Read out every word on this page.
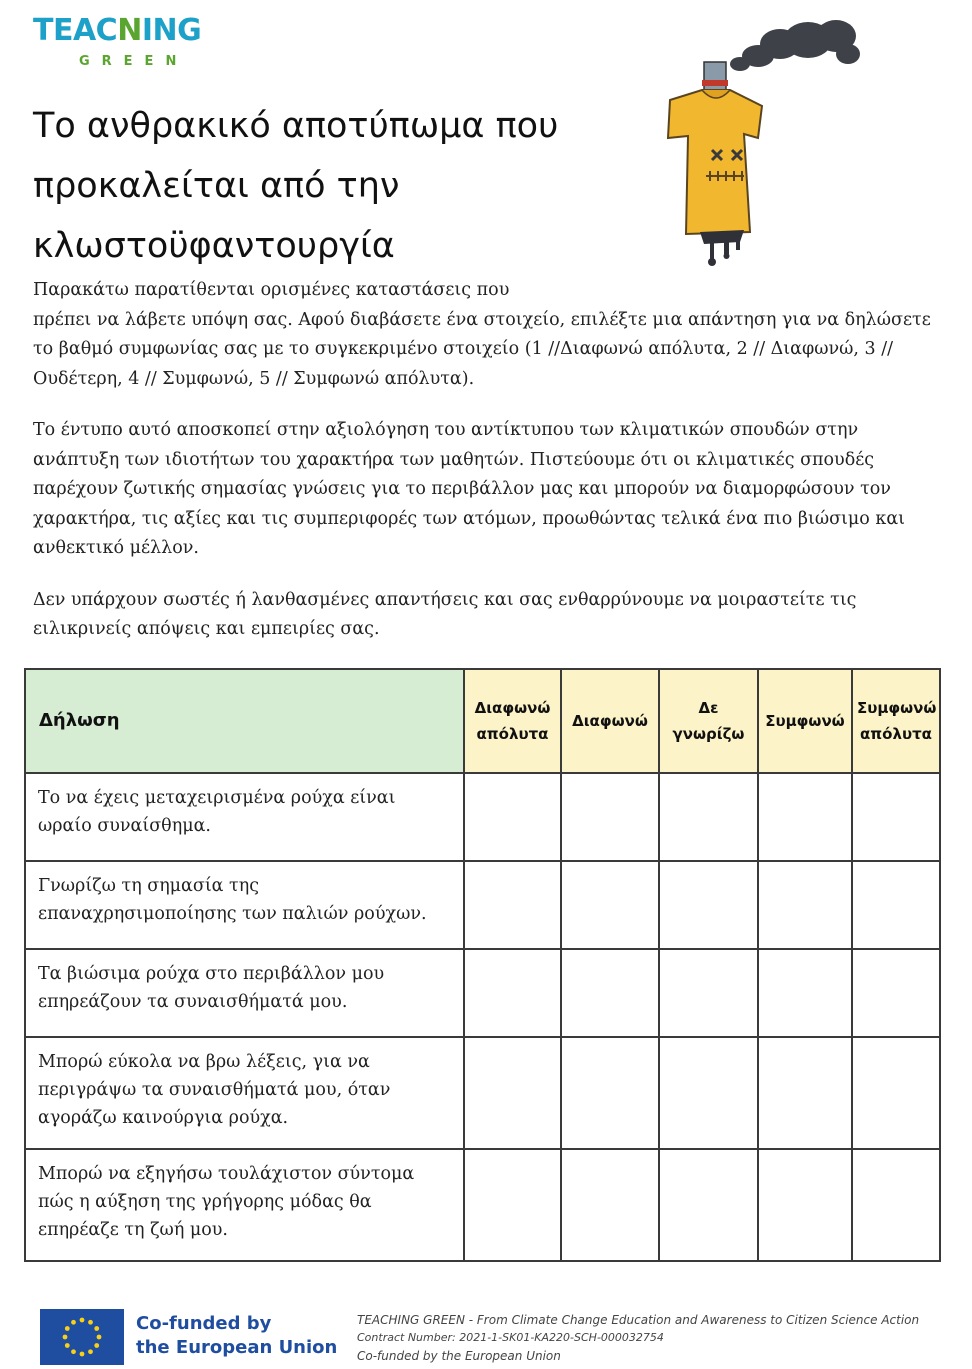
TEACNING
GREEN
Το ανθρακικό αποτύπωμα που προκαλείται από την κλωστοϋφαντουργία

Παρακάτω παρατίθενται ορισμένες καταστάσεις που
πρέπει να λάβετε υπόψη σας. Αφού διαβάσετε ένα στοιχείο, επιλέξτε μια απάντηση για να δηλώσετε το βαθμό συμφωνίας σας με το συγκεκριμένο στοιχείο (1 //Διαφωνώ απόλυτα, 2 // Διαφωνώ, 3 // Ουδέτερη, 4 // Συμφωνώ, 5 // Συμφωνώ απόλυτα).

Το έντυπο αυτό αποσκοπεί στην αξιολόγηση του αντίκτυπου των κλιματικών σπουδών στην ανάπτυξη των ιδιοτήτων του χαρακτήρα των μαθητών. Πιστεύουμε ότι οι κλιματικές σπουδές παρέχουν ζωτικής σημασίας γνώσεις για το περιβάλλον μας και μπορούν να διαμορφώσουν τον χαρακτήρα, τις αξίες και τις συμπεριφορές των ατόμων, προωθώντας τελικά ένα πιο βιώσιμο και ανθεκτικό μέλλον.

Δεν υπάρχουν σωστές ή λανθασμένες απαντήσεις και σας ενθαρρύνουμε να μοιραστείτε τις ειλικρινείς απόψεις και εμπειρίες σας.

Δήλωση	Διαφωνώ απόλυτα	Διαφωνώ	Δε γνωρίζω	Συμφωνώ	Συμφωνώ απόλυτα
Το να έχεις μεταχειρισμένα ρούχα είναι ωραίο συναίσθημα.					
Γνωρίζω τη σημασία της επαναχρησιμοποίησης των παλιών ρούχων.					
Τα βιώσιμα ρούχα στο περιβάλλον μου επηρεάζουν τα συναισθήματά μου.					
Μπορώ εύκολα να βρω λέξεις, για να περιγράψω τα συναισθήματά μου, όταν αγοράζω καινούργια ρούχα.					
Μπορώ να εξηγήσω τουλάχιστον σύντομα πώς η αύξηση της γρήγορης μόδας θα επηρέαζε τη ζωή μου.					
Co-funded by
the European Union
TEACHING GREEN - From Climate Change Education and Awareness to Citizen Science Action
Contract Number: 2021-1-SK01-KA220-SCH-000032754
Co-funded by the European Union
